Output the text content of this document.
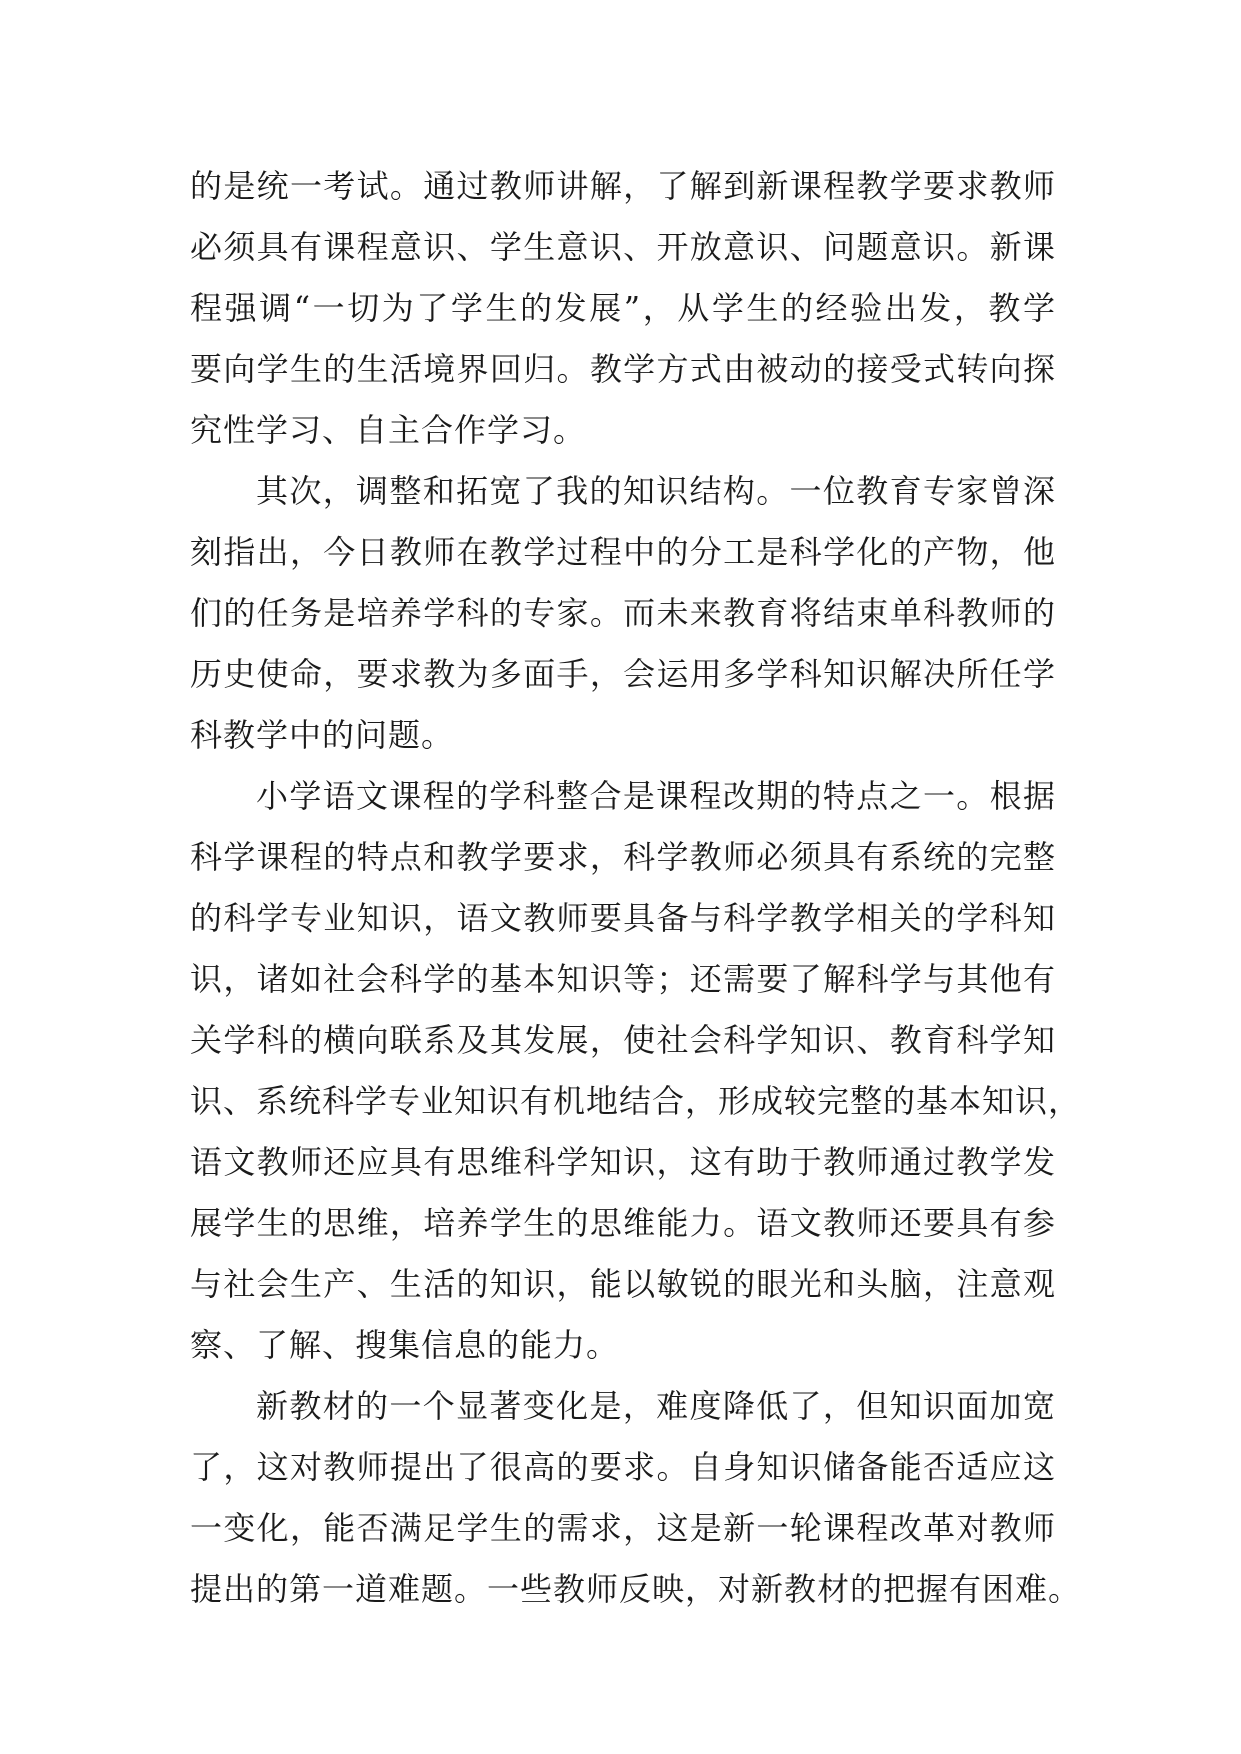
的是统一考试。通过教师讲解，了解到新课程教学要求教师
必须具有课程意识、学生意识、开放意识、问题意识。新课
程强调“一切为了学生的发展”，从学生的经验出发，教学
要向学生的生活境界回归。教学方式由被动的接受式转向探
究性学习、自主合作学习。
其次，调整和拓宽了我的知识结构。一位教育专家曾深
刻指出，今日教师在教学过程中的分工是科学化的产物，他
们的任务是培养学科的专家。而未来教育将结束单科教师的
历史使命，要求教为多面手，会运用多学科知识解决所任学
科教学中的问题。
小学语文课程的学科整合是课程改期的特点之一。根据
科学课程的特点和教学要求，科学教师必须具有系统的完整
的科学专业知识，语文教师要具备与科学教学相关的学科知
识，诸如社会科学的基本知识等；还需要了解科学与其他有
关学科的横向联系及其发展，使社会科学知识、教育科学知
识、系统科学专业知识有机地结合，形成较完整的基本知识，
语文教师还应具有思维科学知识，这有助于教师通过教学发
展学生的思维，培养学生的思维能力。语文教师还要具有参
与社会生产、生活的知识，能以敏锐的眼光和头脑，注意观
察、了解、搜集信息的能力。
新教材的一个显著变化是，难度降低了，但知识面加宽
了，这对教师提出了很高的要求。自身知识储备能否适应这
一变化，能否满足学生的需求，这是新一轮课程改革对教师
提出的第一道难题。一些教师反映，对新教材的把握有困难。
